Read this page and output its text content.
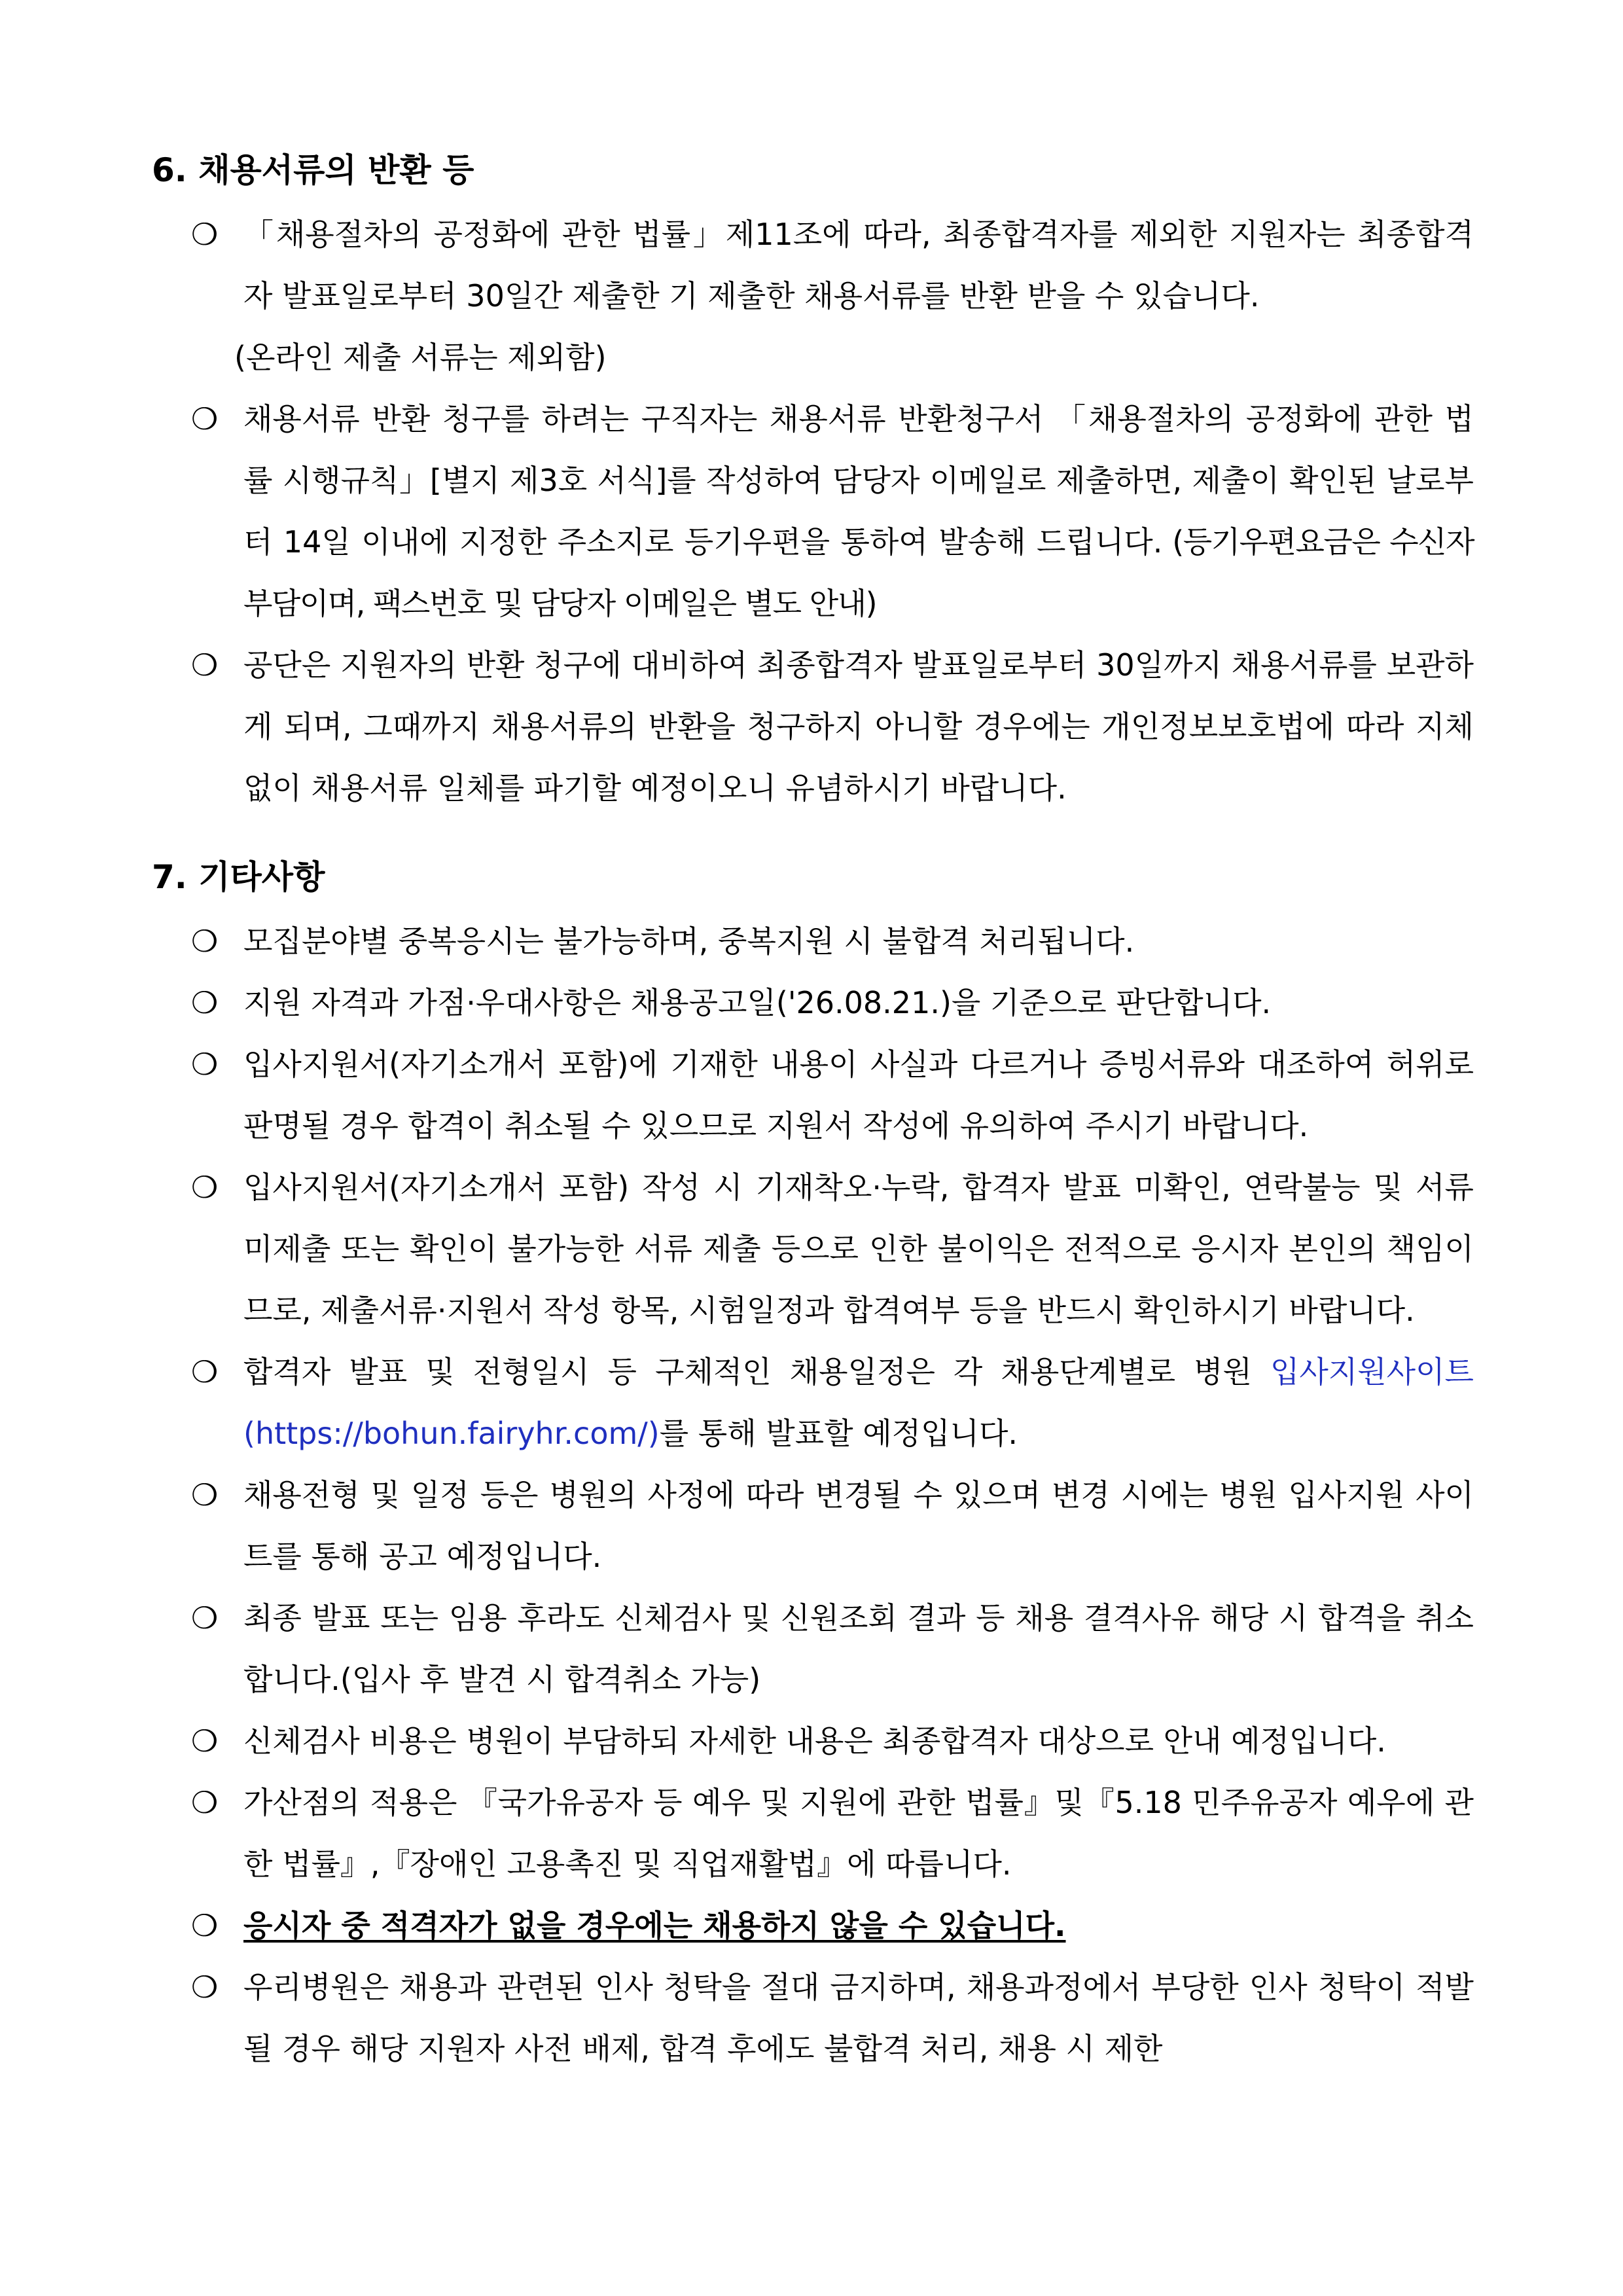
6. 채용서류의 반환 등
❍ 「채용절차의 공정화에 관한 법률」제11조에 따라, 최종합격자를 제외한 지원자는 최종합격자 발표일로부터 30일간 제출한 기 제출한 채용서류를 반환 받을 수 있습니다.
(온라인 제출 서류는 제외함)
❍ 채용서류 반환 청구를 하려는 구직자는 채용서류 반환청구서 「채용절차의 공정화에 관한 법률 시행규칙」[별지 제3호 서식]를 작성하여 담당자 이메일로 제출하면, 제출이 확인된 날로부터 14일 이내에 지정한 주소지로 등기우편을 통하여 발송해 드립니다. (등기우편요금은 수신자 부담이며, 팩스번호 및 담당자 이메일은 별도 안내)
❍ 공단은 지원자의 반환 청구에 대비하여 최종합격자 발표일로부터 30일까지 채용서류를 보관하게 되며, 그때까지 채용서류의 반환을 청구하지 아니할 경우에는 개인정보보호법에 따라 지체없이 채용서류 일체를 파기할 예정이오니 유념하시기 바랍니다.
7. 기타사항
❍ 모집분야별 중복응시는 불가능하며, 중복지원 시 불합격 처리됩니다.
❍ 지원 자격과 가점·우대사항은 채용공고일('26.08.21.)을 기준으로 판단합니다.
❍ 입사지원서(자기소개서 포함)에 기재한 내용이 사실과 다르거나 증빙서류와 대조하여 허위로 판명될 경우 합격이 취소될 수 있으므로 지원서 작성에 유의하여 주시기 바랍니다.
❍ 입사지원서(자기소개서 포함) 작성 시 기재착오·누락, 합격자 발표 미확인, 연락불능 및 서류 미제출 또는 확인이 불가능한 서류 제출 등으로 인한 불이익은 전적으로 응시자 본인의 책임이므로, 제출서류·지원서 작성 항목, 시험일정과 합격여부 등을 반드시 확인하시기 바랍니다.
❍ 합격자 발표 및 전형일시 등 구체적인 채용일정은 각 채용단계별로 병원 입사지원사이트(https://bohun.fairyhr.com/)를 통해 발표할 예정입니다.
❍ 채용전형 및 일정 등은 병원의 사정에 따라 변경될 수 있으며 변경 시에는 병원 입사지원 사이트를 통해 공고 예정입니다.
❍ 최종 발표 또는 임용 후라도 신체검사 및 신원조회 결과 등 채용 결격사유 해당 시 합격을 취소합니다.(입사 후 발견 시 합격취소 가능)
❍ 신체검사 비용은 병원이 부담하되 자세한 내용은 최종합격자 대상으로 안내 예정입니다.
❍ 가산점의 적용은 『국가유공자 등 예우 및 지원에 관한 법률』및『5.18 민주유공자 예우에 관한 법률』,『장애인 고용촉진 및 직업재활법』에 따릅니다.
❍ 응시자 중 적격자가 없을 경우에는 채용하지 않을 수 있습니다.
❍ 우리병원은 채용과 관련된 인사 청탁을 절대 금지하며, 채용과정에서 부당한 인사 청탁이 적발될 경우 해당 지원자 사전 배제, 합격 후에도 불합격 처리, 채용 시 제한
